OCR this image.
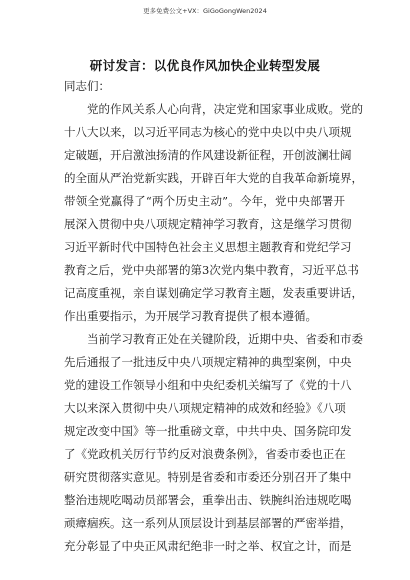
更多免费公文+VX：GiGoGongWen2024
研讨发言：以优良作风加快企业转型发展
同志们：
党的作风关系人心向背，决定党和国家事业成败。党的
十八大以来，以习近平同志为核心的党中央以中央八项规
定破题，开启激浊扬清的作风建设新征程，开创波澜壮阔
的全面从严治党新实践，开辟百年大党的自我革命新境界，
带领全党赢得了“两个历史主动”。今年，党中央部署开
展深入贯彻中央八项规定精神学习教育，这是继学习贯彻
习近平新时代中国特色社会主义思想主题教育和党纪学习
教育之后，党中央部署的第3次党内集中教育，习近平总书
记高度重视，亲自谋划确定学习教育主题，发表重要讲话，
作出重要指示，为开展学习教育提供了根本遵循。
当前学习教育正处在关键阶段，近期中央、省委和市委
先后通报了一批违反中央八项规定精神的典型案例，中央
党的建设工作领导小组和中央纪委机关编写了《党的十八
大以来深入贯彻中央八项规定精神的成效和经验》《八项
规定改变中国》等一批重磅文章，中共中央、国务院印发
了《党政机关厉行节约反对浪费条例》，省委市委也正在
研究贯彻落实意见。特别是省委和市委还分别召开了集中
整治违规吃喝动员部署会，重拳出击、铁腕纠治违规吃喝
顽瘴痼疾。这一系列从顶层设计到基层部署的严密举措，
充分彰显了中央正风肃纪绝非一时之举、权宜之计，而是
